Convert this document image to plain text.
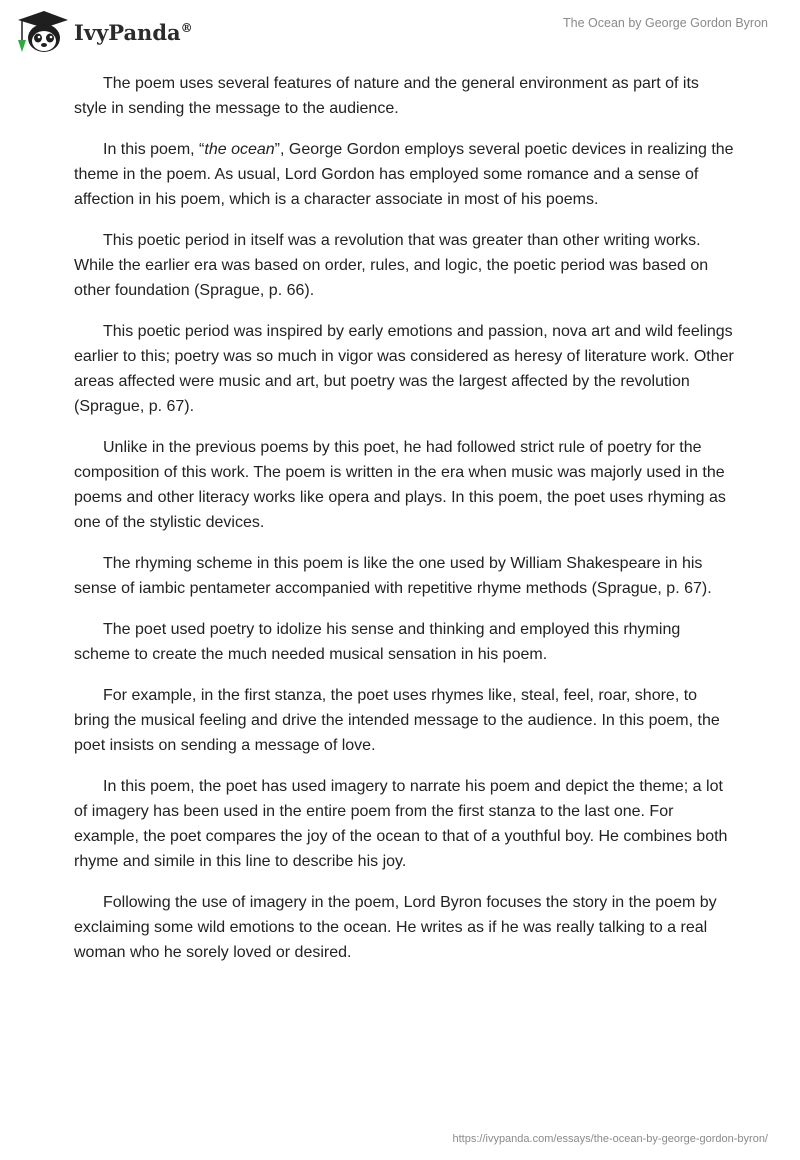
IvyPanda®	The Ocean by George Gordon Byron

The poem uses several features of nature and the general environment as part of its style in sending the message to the audience.

In this poem, “the ocean”, George Gordon employs several poetic devices in realizing the theme in the poem. As usual, Lord Gordon has employed some romance and a sense of affection in his poem, which is a character associate in most of his poems.

This poetic period in itself was a revolution that was greater than other writing works. While the earlier era was based on order, rules, and logic, the poetic period was based on other foundation (Sprague, p. 66).

This poetic period was inspired by early emotions and passion, nova art and wild feelings earlier to this; poetry was so much in vigor was considered as heresy of literature work. Other areas affected were music and art, but poetry was the largest affected by the revolution (Sprague, p. 67).

Unlike in the previous poems by this poet, he had followed strict rule of poetry for the composition of this work. The poem is written in the era when music was majorly used in the poems and other literacy works like opera and plays. In this poem, the poet uses rhyming as one of the stylistic devices.

The rhyming scheme in this poem is like the one used by William Shakespeare in his sense of iambic pentameter accompanied with repetitive rhyme methods (Sprague, p. 67).

The poet used poetry to idolize his sense and thinking and employed this rhyming scheme to create the much needed musical sensation in his poem.

For example, in the first stanza, the poet uses rhymes like, steal, feel, roar, shore, to bring the musical feeling and drive the intended message to the audience. In this poem, the poet insists on sending a message of love.

In this poem, the poet has used imagery to narrate his poem and depict the theme; a lot of imagery has been used in the entire poem from the first stanza to the last one. For example, the poet compares the joy of the ocean to that of a youthful boy. He combines both rhyme and simile in this line to describe his joy.

Following the use of imagery in the poem, Lord Byron focuses the story in the poem by exclaiming some wild emotions to the ocean. He writes as if he was really talking to a real woman who he sorely loved or desired.

https://ivypanda.com/essays/the-ocean-by-george-gordon-byron/
